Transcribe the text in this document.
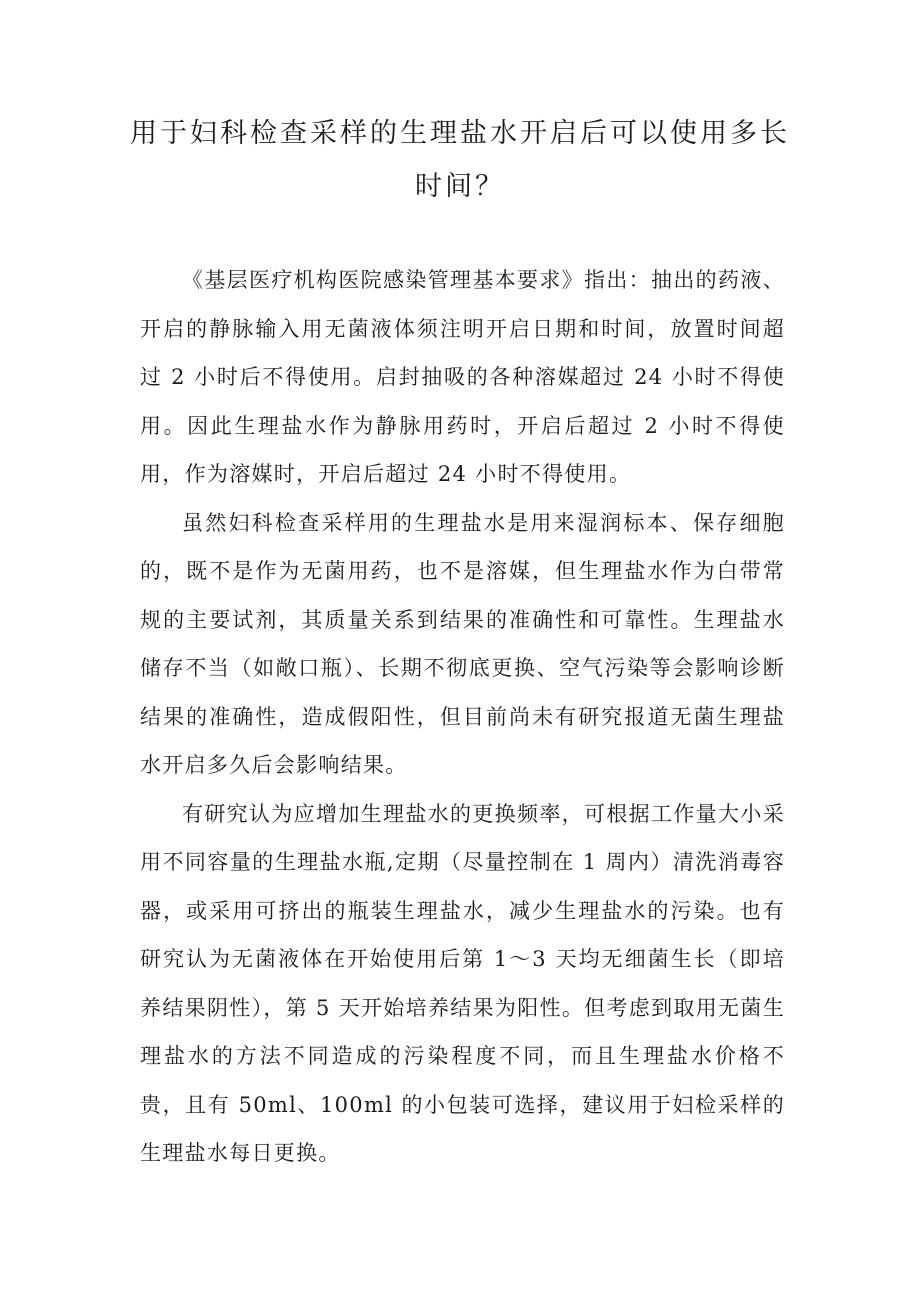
用于妇科检查采样的生理盐水开启后可以使用多长
时间？

《基层医疗机构医院感染管理基本要求》指出：抽出的药液、开启的静脉输入用无菌液体须注明开启日期和时间，放置时间超过 2 小时后不得使用。启封抽吸的各种溶媒超过 24 小时不得使用。因此生理盐水作为静脉用药时，开启后超过 2 小时不得使用，作为溶媒时，开启后超过 24 小时不得使用。

虽然妇科检查采样用的生理盐水是用来湿润标本、保存细胞的，既不是作为无菌用药，也不是溶媒，但生理盐水作为白带常规的主要试剂，其质量关系到结果的准确性和可靠性。生理盐水储存不当（如敞口瓶）、长期不彻底更换、空气污染等会影响诊断结果的准确性，造成假阳性，但目前尚未有研究报道无菌生理盐水开启多久后会影响结果。

有研究认为应增加生理盐水的更换频率，可根据工作量大小采用不同容量的生理盐水瓶,定期（尽量控制在 1 周内）清洗消毒容器，或采用可挤出的瓶装生理盐水，减少生理盐水的污染。也有研究认为无菌液体在开始使用后第 1～3 天均无细菌生长（即培养结果阴性），第 5 天开始培养结果为阳性。但考虑到取用无菌生理盐水的方法不同造成的污染程度不同，而且生理盐水价格不贵，且有 50ml、100ml 的小包装可选择，建议用于妇检采样的生理盐水每日更换。
